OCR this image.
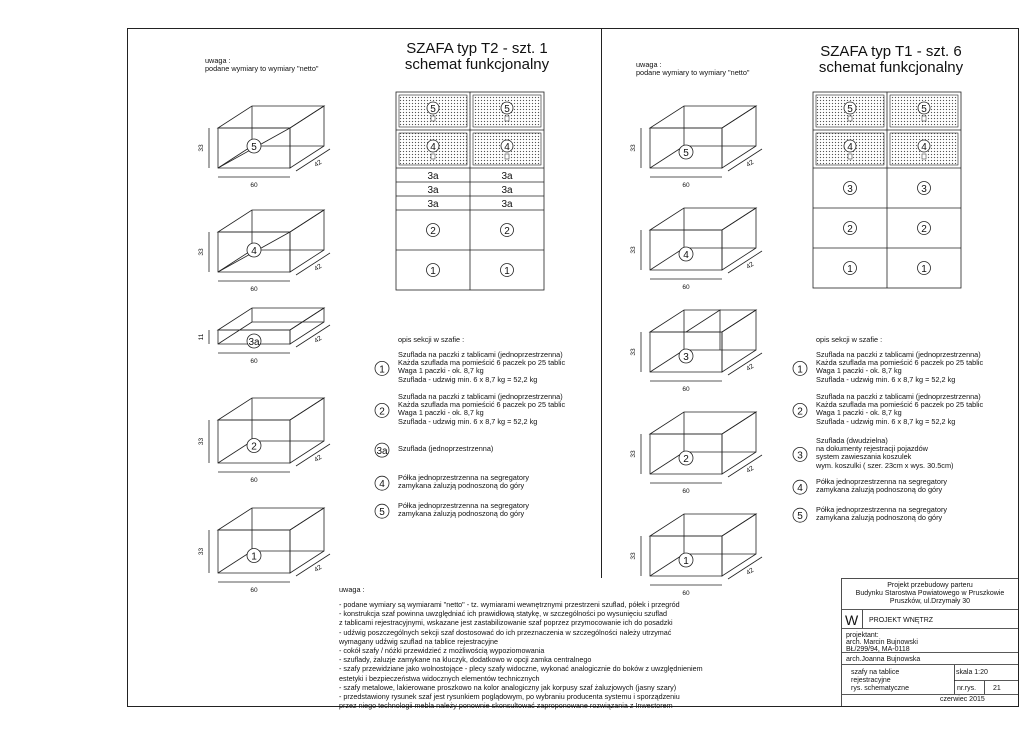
5
60
33
42
4
60
33
42
3a
60
11	42
2
60
33
42
1
60
33
42
5
60
33
42
4
60
33
42
3
60
33
42
2
60
33
42
1
60
33
42
5	5
4	4
3a	3a
3a	3a
3a	3a
2	2
1	1
5	5
4	4
3	3
2	2
1	1
1
2
3a
4
5
1
2
3
4
5
uwaga :
podane wymiary to wymiary "netto"
SZAFA typ T2 - szt. 1
schemat funkcjonalny	uwaga :
podane wymiary to wymiary "netto"
SZAFA typ T1 - szt. 6
schemat funkcjonalny
opis sekcji w szafie :
Szuflada na paczki z tablicami (jednoprzestrzenna)
Każda szuflada ma pomieścić 6 paczek po 25 tablic
Waga 1 paczki - ok. 8,7 kg
Szuflada - udzwig min. 6 x 8,7 kg = 52,2 kg
Szuflada na paczki z tablicami (jednoprzestrzenna)
Każda szuflada ma pomieścić 6 paczek po 25 tablic
Waga 1 paczki - ok. 8,7 kg
Szuflada - udzwig min. 6 x 8,7 kg = 52,2 kg
Szuflada (jednoprzestrzenna)
Półka jednoprzestrzenna na segregatory
zamykana żaluzją podnoszoną do góry
Półka jednoprzestrzenna na segregatory
zamykana żaluzją podnoszoną do góry
opis sekcji w szafie :
Szuflada na paczki z tablicami (jednoprzestrzenna)
Każda szuflada ma pomieścić 6 paczek po 25 tablic
Waga 1 paczki - ok. 8,7 kg
Szuflada - udzwig min. 6 x 8,7 kg = 52,2 kg
Szuflada na paczki z tablicami (jednoprzestrzenna)
Każda szuflada ma pomieścić 6 paczek po 25 tablic
Waga 1 paczki - ok. 8,7 kg
Szuflada - udzwig min. 6 x 8,7 kg = 52,2 kg
Szuflada (dwudzielna)
na dokumenty rejestracji pojazdów
system zawieszania koszulek
wym. koszulki ( szer. 23cm x wys. 30.5cm)
Półka jednoprzestrzenna na segregatory
zamykana żaluzją podnoszoną do góry
Półka jednoprzestrzenna na segregatory
zamykana żaluzją podnoszoną do góry
uwaga :
- podane wymiary są wymiarami "netto" - tz. wymiarami wewnętrznymi przestrzeni szuflad, półek i przegród
- konstrukcja szaf powinna uwzględniać ich prawidłową statykę, w szczególności po wysunięciu szuflad
z tablicami rejestracyjnymi, wskazane jest zastabilizowanie szaf poprzez przymocowanie ich do posadzki
- udźwig poszczególnych sekcji szaf dostosować do ich przeznaczenia w szczególności należy utrzymać
wymagany udźwig szuflad na tablice rejestracyjne
- cokół szafy / nóżki przewidzieć z możliwością wypoziomowania
- szuflady, żaluzje zamykane na kluczyk, dodatkowo w opcji zamka centralnego
- szafy przewidziane jako wolnostojące - plecy szafy widoczne, wykonać analogicznie do boków z uwzględnieniem
estetyki i bezpieczeństwa widocznych elementów technicznych
- szafy metalowe, lakierowane proszkowo na kolor analogiczny jak korpusy szaf żaluzjowych (jasny szary)
- przedstawiony rysunek szaf jest rysunkiem poglądowym, po wybraniu producenta systemu i sporządzeniu
przez niego technologii mebla należy ponownie skonsultować zaproponowane rozwiązania z Inwestorem
Projekt przebudowy parteru
Budynku Starostwa Powiatowego w Pruszkowie
Pruszków, ul.Drzymały 30
W PROJEKT WNĘTRZ
projektant:
arch. Marcin Bujnowski
BŁ/299/94, MA-0118
arch.Joanna Bujnowska
szafy na tablice
rejestracyjne
rys. schematyczne
skala 1:20
nr.rys. 21
czerwiec 2015
